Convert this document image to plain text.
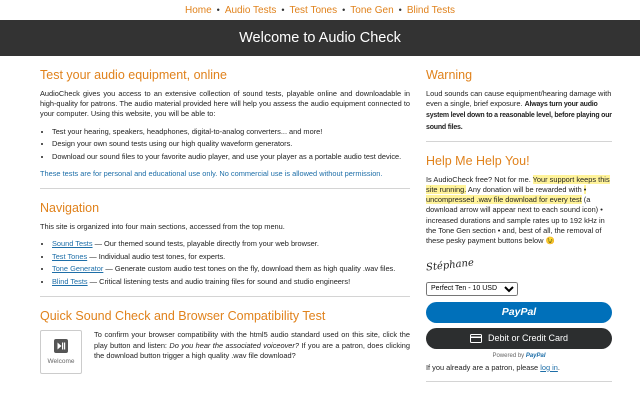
Home • Audio Tests • Test Tones • Tone Gen • Blind Tests
Welcome to Audio Check
Test your audio equipment, online

AudioCheck gives you access to an extensive collection of sound tests, playable online and downloadable in high-quality for patrons. The audio material provided here will help you assess the audio equipment connected to your computer. Using this website, you will be able to:

• Test your hearing, speakers, headphones, digital-to-analog converters... and more!
• Design your own sound tests using our high quality waveform generators.
• Download our sound files to your favorite audio player, and use your player as a portable audio test device.
These tests are for personal and educational use only. No commercial use is allowed without permission.
Navigation

This site is organized into four main sections, accessed from the top menu.

• Sound Tests — Our themed sound tests, playable directly from your web browser.
• Test Tones — Individual audio test tones, for experts.
• Tone Generator — Generate custom audio test tones on the fly, download them as high quality .wav files.
• Blind Tests — Critical listening tests and audio training files for sound and studio engineers!
Quick Sound Check and Browser Compatibility Test
Welcome

To confirm your browser compatibility with the html5 audio standard used on this site, click the play button and listen: Do you hear the associated voiceover? If you are a patron, does clicking the download button trigger a high quality .wav file download?

Warning

Loud sounds can cause equipment/hearing damage with even a single, brief exposure. Always turn your audio system level down to a reasonable level, before playing our sound files.

Help Me Help You!

Is AudioCheck free? Not for me. Your support keeps this site running. Any donation will be rewarded with • uncompressed .wav file download for every test (a download arrow will appear next to each sound icon) • increased durations and sample rates up to 192 kHz in the Tone Gen section • and, best of all, the removal of these pesky payment buttons below 😉

Stéphane
Perfect Ten - 10 USD
PayPal
Debit or Credit Card
Powered by PayPal

If you already are a patron, please log in.
